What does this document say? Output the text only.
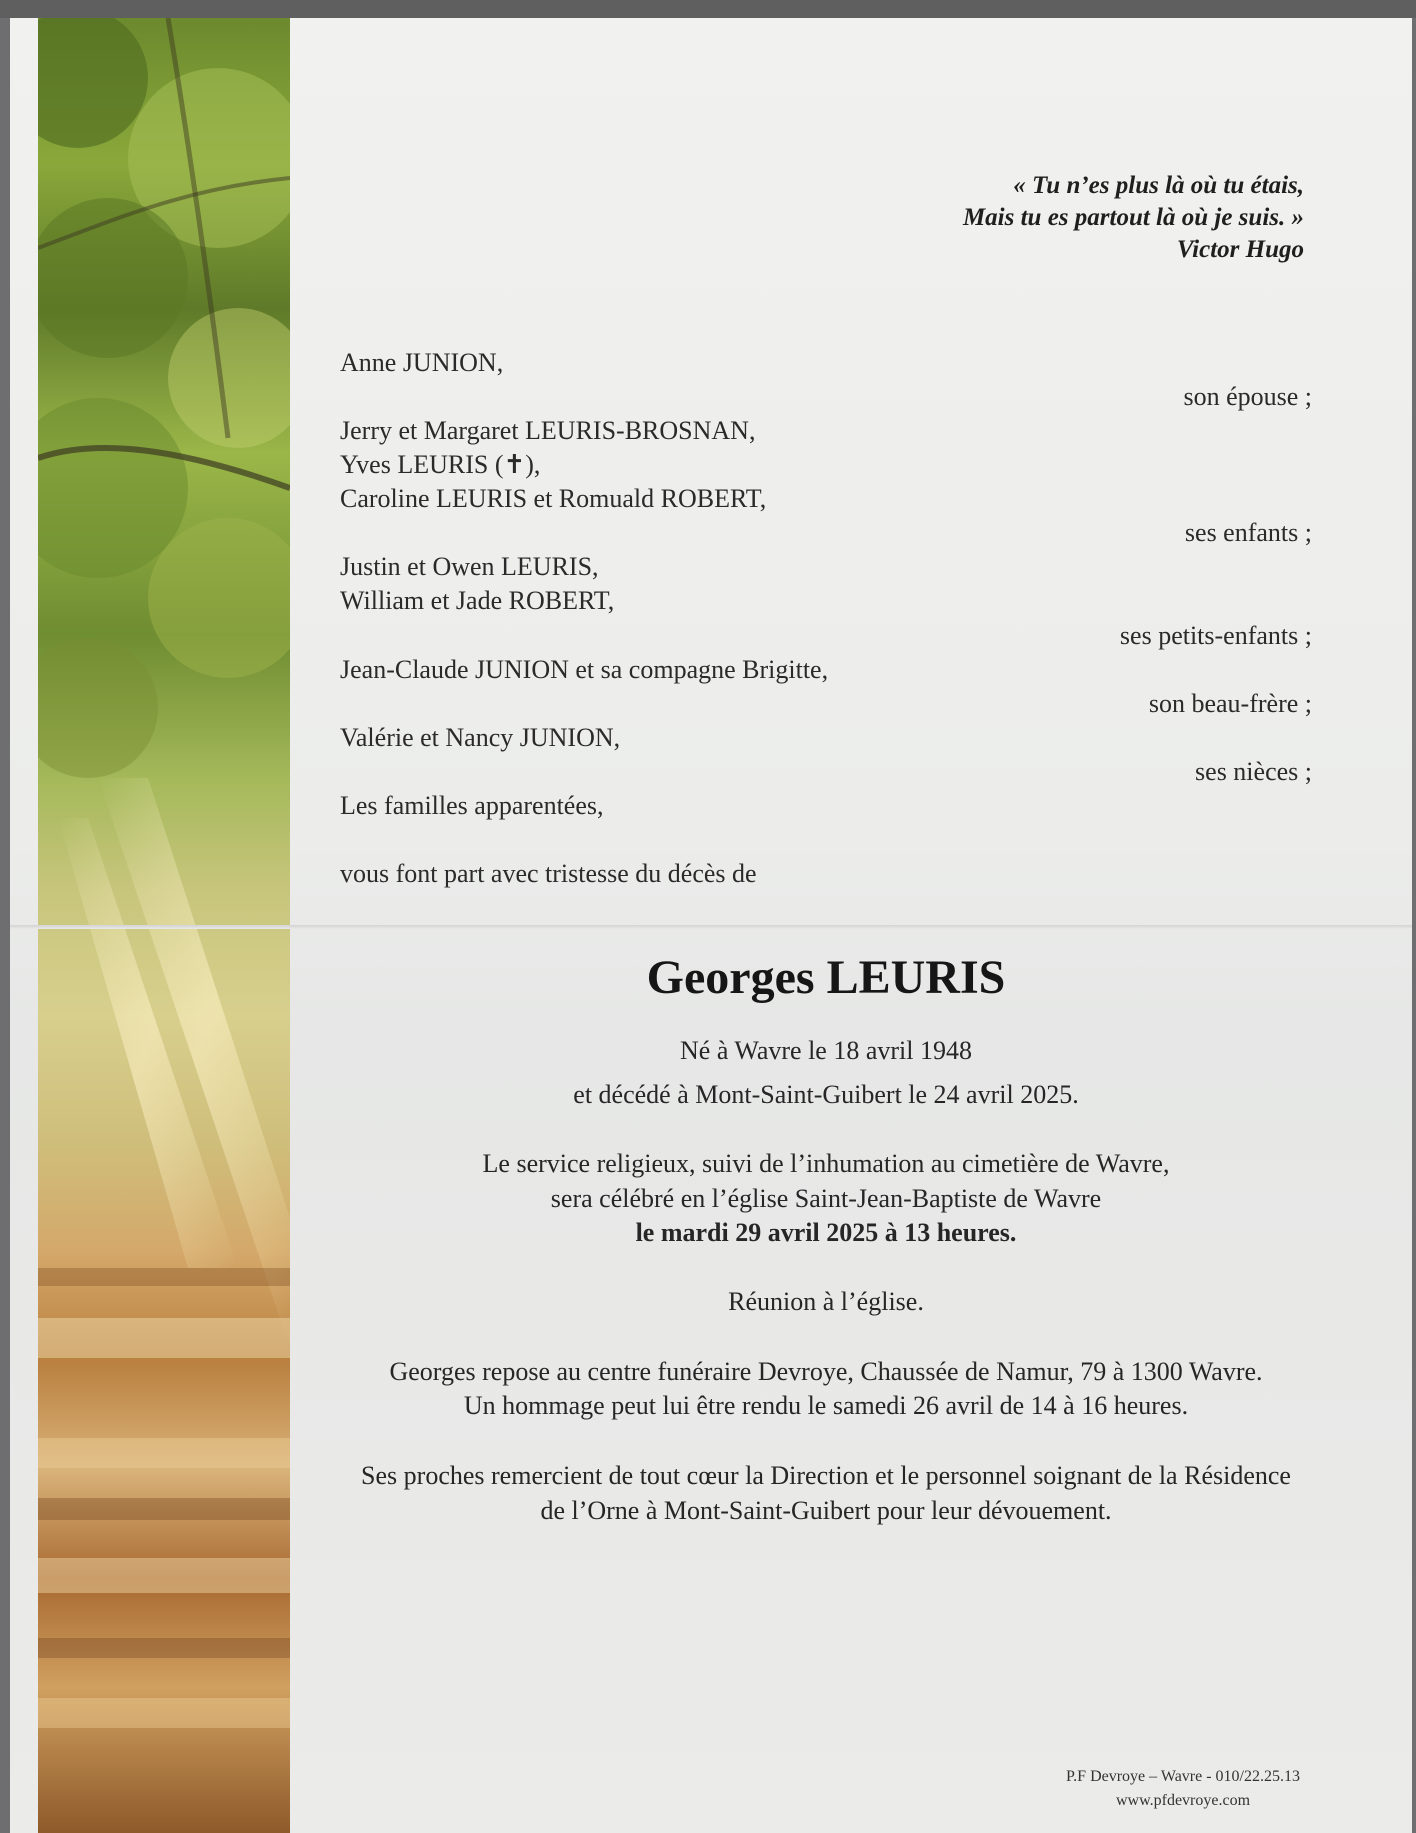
« Tu n’es plus là où tu étais,
Mais tu es partout là où je suis. »
Victor Hugo
Anne JUNION,
son épouse ;
Jerry et Margaret LEURIS-BROSNAN,
Yves LEURIS (✝),
Caroline LEURIS et Romuald ROBERT,
ses enfants ;
Justin et Owen LEURIS,
William et Jade ROBERT,
ses petits-enfants ;
Jean-Claude JUNION et sa compagne Brigitte,
son beau-frère ;
Valérie et Nancy JUNION,
ses nièces ;
Les familles apparentées,
vous font part avec tristesse du décès de
Georges LEURIS
Né à Wavre le 18 avril 1948
et décédé à Mont-Saint-Guibert le 24 avril 2025.
Le service religieux, suivi de l’inhumation au cimetière de Wavre,
sera célébré en l’église Saint-Jean-Baptiste de Wavre
le mardi 29 avril 2025 à 13 heures.
Réunion à l’église.
Georges repose au centre funéraire Devroye, Chaussée de Namur, 79 à 1300 Wavre.
Un hommage peut lui être rendu le samedi 26 avril de 14 à 16 heures.
Ses proches remercient de tout cœur la Direction et le personnel soignant de la Résidence
de l’Orne à Mont-Saint-Guibert pour leur dévouement.
P.F Devroye – Wavre - 010/22.25.13
www.pfdevroye.com
